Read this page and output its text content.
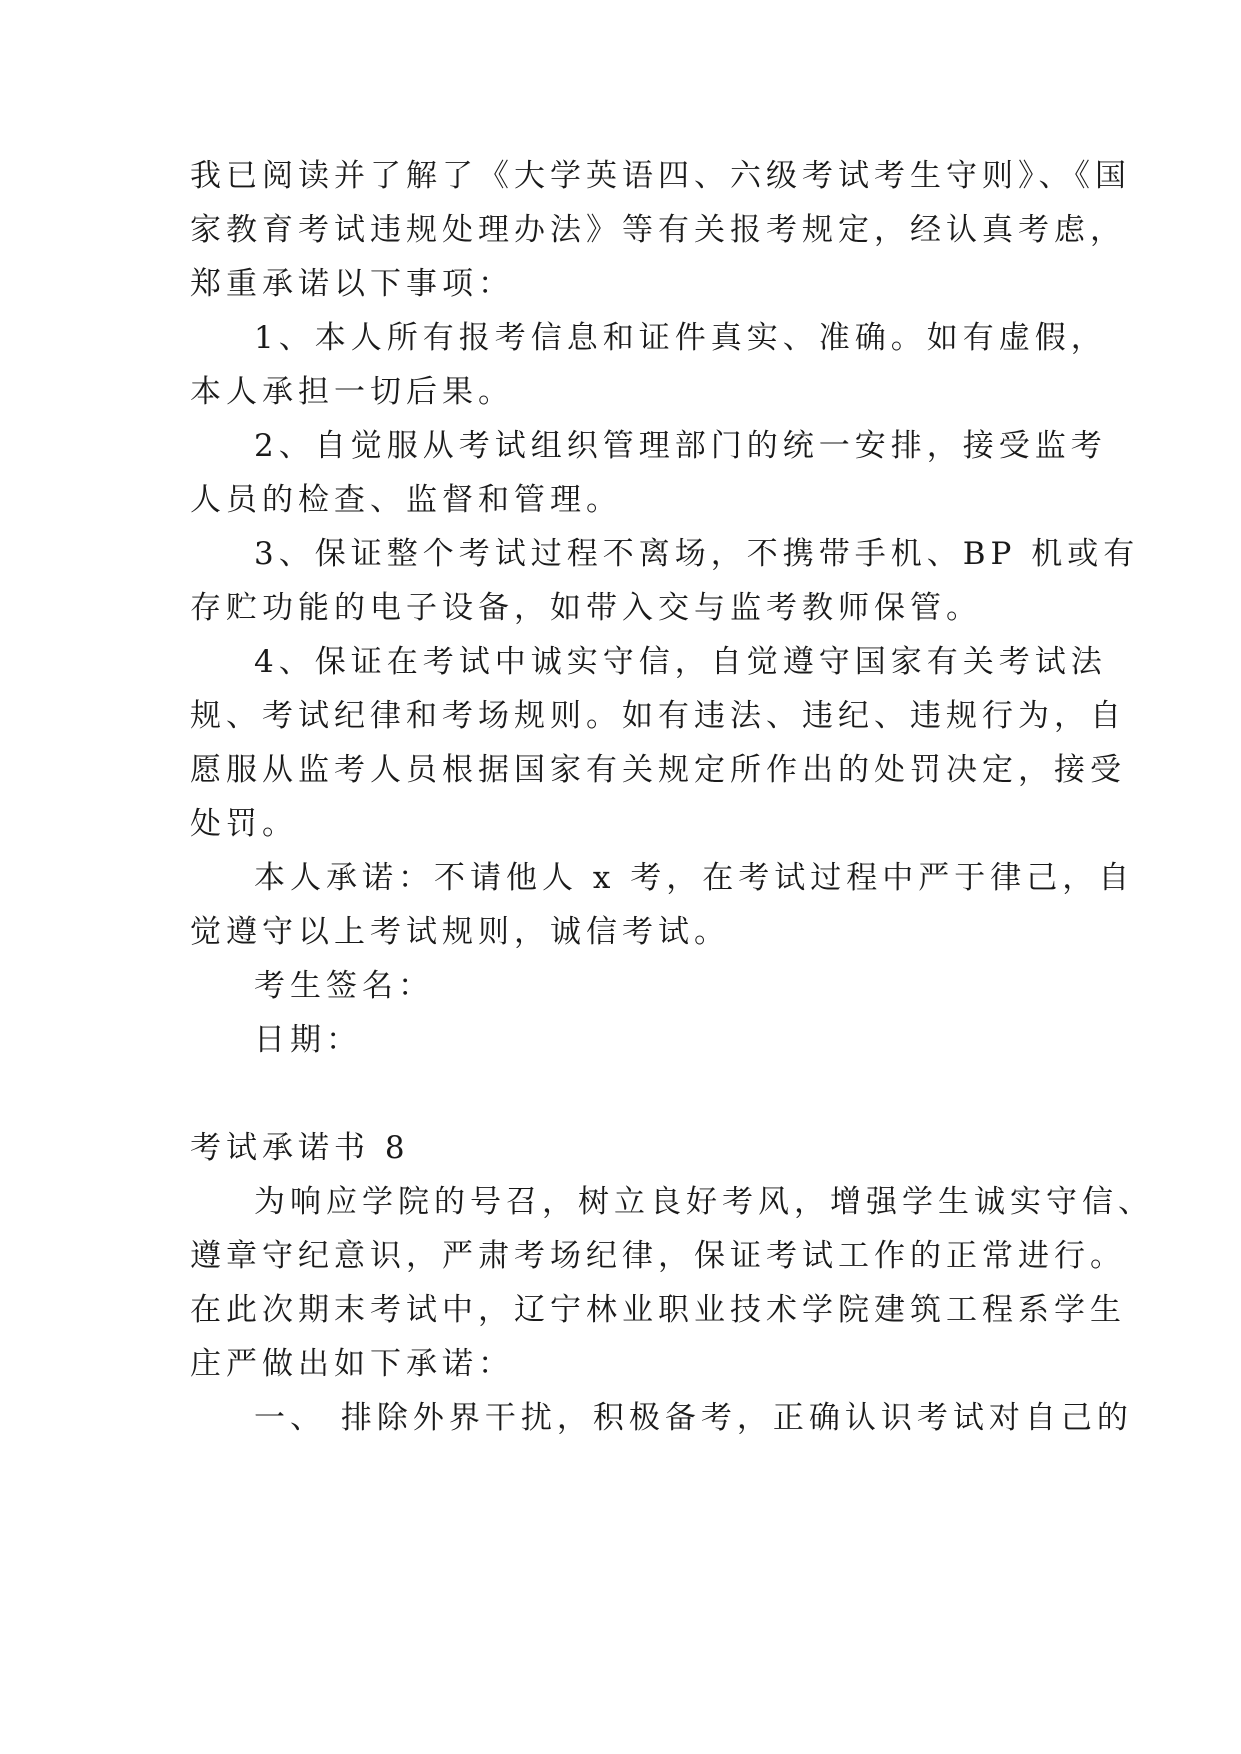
我已阅读并了解了《大学英语四、六级考试考生守则》、《国
家教育考试违规处理办法》等有关报考规定，经认真考虑，
郑重承诺以下事项：
1、本人所有报考信息和证件真实、准确。如有虚假，
本人承担一切后果。
2、自觉服从考试组织管理部门的统一安排，接受监考
人员的检查、监督和管理。
3、保证整个考试过程不离场，不携带手机、BP 机或有
存贮功能的电子设备，如带入交与监考教师保管。
4、保证在考试中诚实守信，自觉遵守国家有关考试法
规、考试纪律和考场规则。如有违法、违纪、违规行为，自
愿服从监考人员根据国家有关规定所作出的处罚决定，接受
处罚。
本人承诺：不请他人 x 考，在考试过程中严于律己，自
觉遵守以上考试规则，诚信考试。
考生签名：
日期：
考试承诺书 8
为响应学院的号召，树立良好考风，增强学生诚实守信、
遵章守纪意识，严肃考场纪律，保证考试工作的正常进行。
在此次期末考试中，辽宁林业职业技术学院建筑工程系学生
庄严做出如下承诺：
一、 排除外界干扰，积极备考，正确认识考试对自己的
